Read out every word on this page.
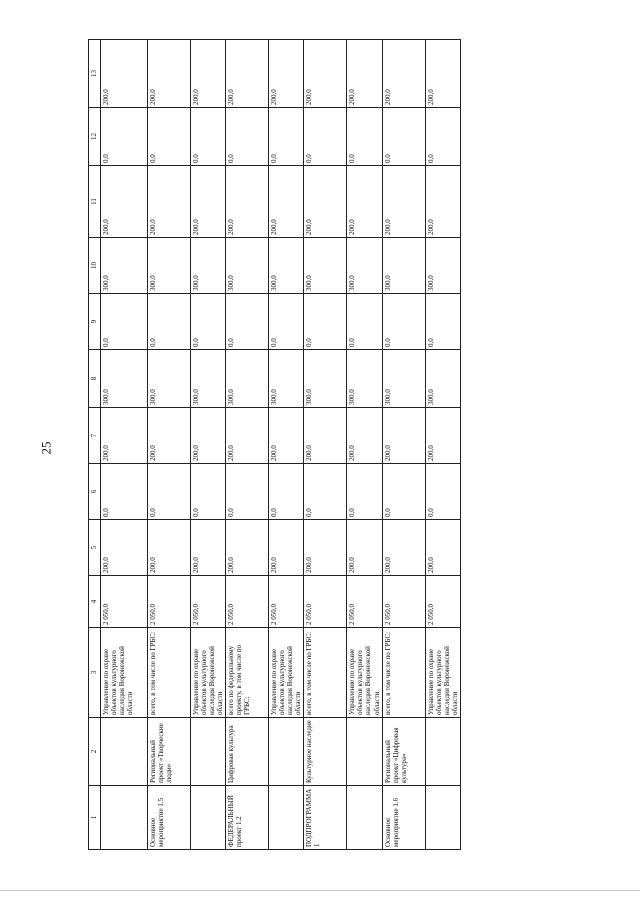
25
1	2	3	4	5	6	7	8	9	10	11	12	13
		Управление по охране объектов культурного наследия Воронежской области	2 050,0	200,0	0,0	200,0	300,0	0,0	300,0	200,0	0,0	200,0
Основное мероприятие 1.5	Региональный проект «Творческие люди»	всего, в том числе по ГРБС:	2 050,0	200,0	0,0	200,0	300,0	0,0	300,0	200,0	0,0	200,0
		Управление по охране объектов культурного наследия Воронежской области	2 050,0	200,0	0,0	200,0	300,0	0,0	300,0	200,0	0,0	200,0
ФЕДЕРАЛЬНЫЙ проект 1.2	Цифровая культура	всего по федеральному проекту, в том числе по ГРБС:	2 050,0	200,0	0,0	200,0	300,0	0,0	300,0	200,0	0,0	200,0
		Управление по охране объектов культурного наследия Воронежской области	2 050,0	200,0	0,0	200,0	300,0	0,0	300,0	200,0	0,0	200,0
ПОДПРОГРАММА 1	Культурное наследие	всего, в том числе по ГРБС:	2 050,0	200,0	0,0	200,0	300,0	0,0	300,0	200,0	0,0	200,0
		Управление по охране объектов культурного наследия Воронежской области	2 050,0	200,0	0,0	200,0	300,0	0,0	300,0	200,0	0,0	200,0
Основное мероприятие 1.6	Региональный проект «Цифровая культура»	всего, в том числе по ГРБС:	2 050,0	200,0	0,0	200,0	300,0	0,0	300,0	200,0	0,0	200,0
		Управление по охране объектов культурного наследия Воронежской области	2 050,0	200,0	0,0	200,0	300,0	0,0	300,0	200,0	0,0	200,0
